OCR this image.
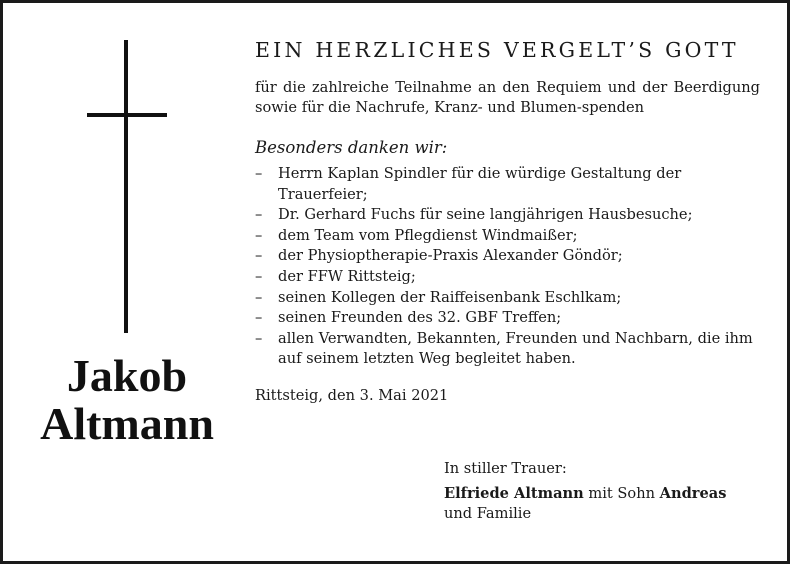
Jakob
Altmann
EIN HERZLICHES VERGELT’S GOTT
für die zahlreiche Teilnahme an den Requiem und der Beerdigung sowie für die Nachrufe, Kranz- und Blumen-spenden
Besonders danken wir:
– Herrn Kaplan Spindler für die würdige Gestaltung der Trauerfeier;
– Dr. Gerhard Fuchs für seine langjährigen Hausbesuche;
– dem Team vom Pflegdienst Windmaißer;
– der Physioptherapie-Praxis Alexander Göndör;
– der FFW Rittsteig;
– seinen Kollegen der Raiffeisenbank Eschlkam;
– seinen Freunden des 32. GBF Treffen;
– allen Verwandten, Bekannten, Freunden und Nachbarn, die ihm auf seinem letzten Weg begleitet haben.
Rittsteig, den 3. Mai 2021
In stiller Trauer:
Elfriede Altmann mit Sohn Andreas
und Familie
